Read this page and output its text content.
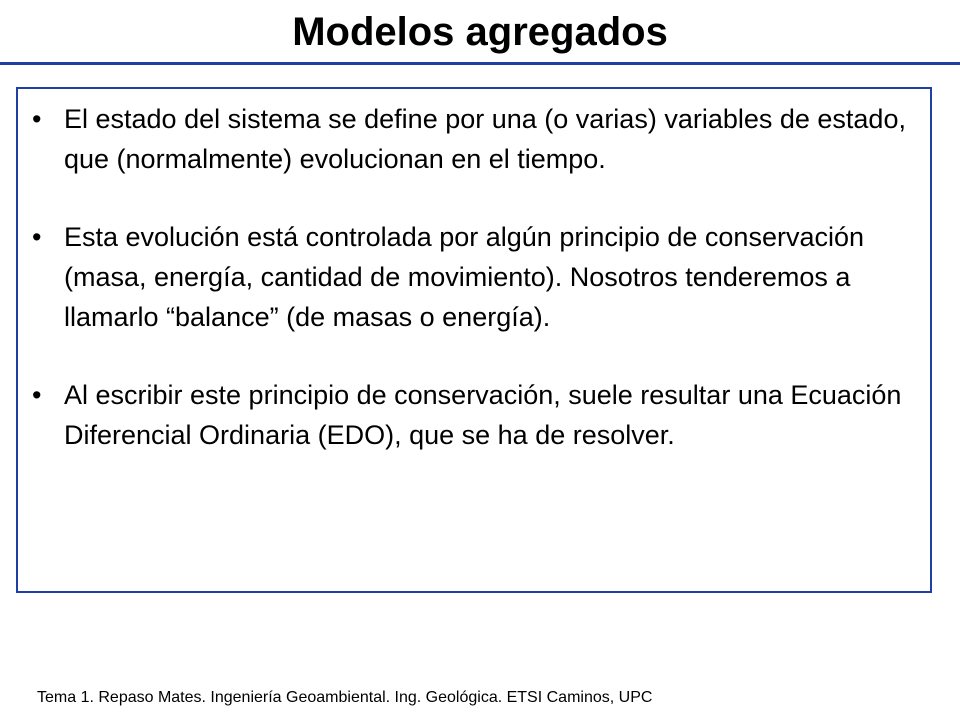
Modelos agregados
• El estado del sistema se define por una (o varias) variables de estado, que (normalmente) evolucionan en el tiempo.
• Esta evolución está controlada por algún principio de conservación (masa, energía, cantidad de movimiento). Nosotros tenderemos a llamarlo “balance” (de masas o energía).
• Al escribir este principio de conservación, suele resultar una Ecuación Diferencial Ordinaria (EDO), que se ha de resolver.

Tema 1. Repaso Mates. Ingeniería Geoambiental. Ing. Geológica. ETSI Caminos, UPC
